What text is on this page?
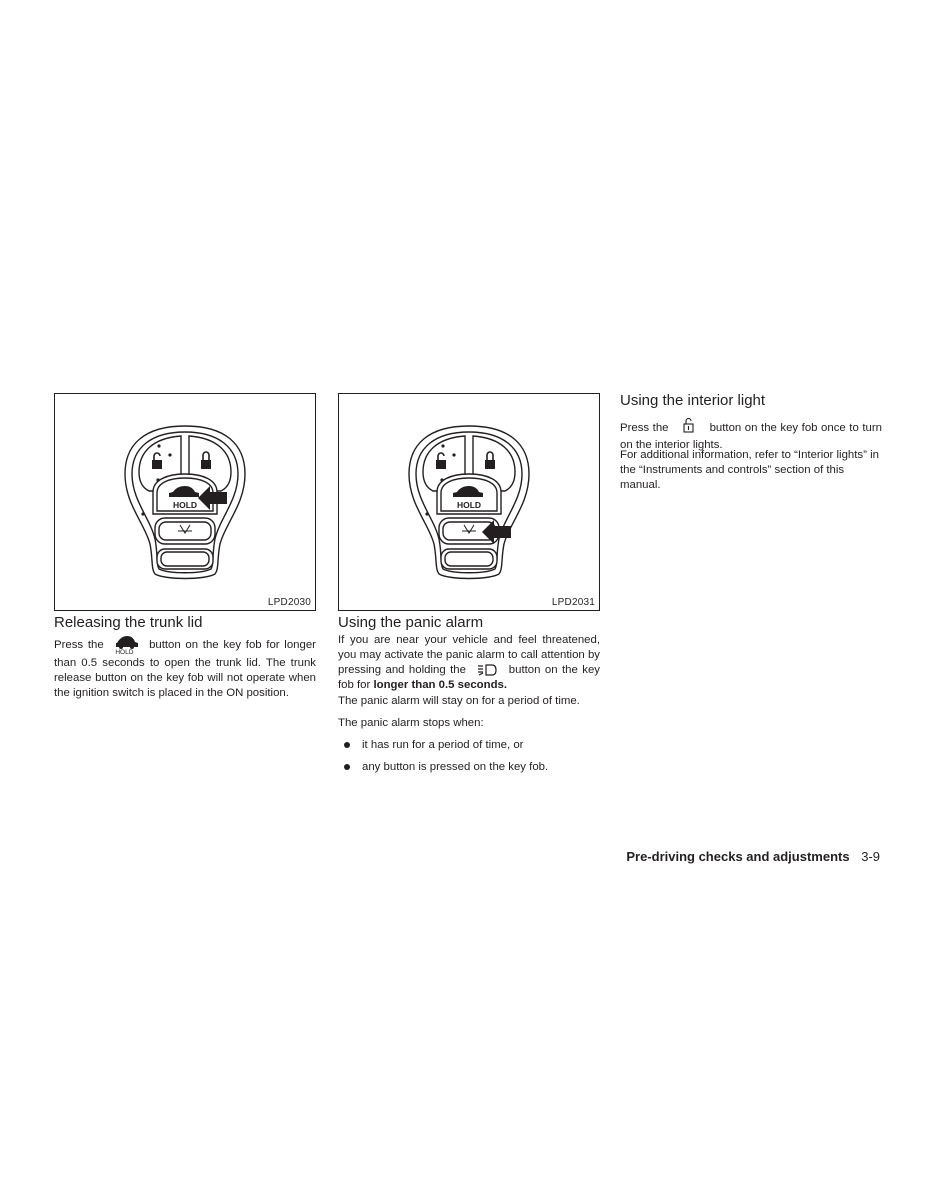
HOLD
LPD2030
HOLD
LPD2031
Releasing the trunk lid

Press the
HOLD
button on the key fob for longer than 0.5 seconds to open the trunk lid. The trunk release button on the key fob will not operate when the ignition switch is placed in the ON position.

Using the panic alarm

If you are near your vehicle and feel threatened, you may activate the panic alarm to call attention by pressing and holding the	button on the key fob for longer than 0.5 seconds.

The panic alarm will stay on for a period of time.

The panic alarm stops when:

it has run for a period of time, or
any button is pressed on the key fob.
Using the interior light

Press the	button on the key fob once to turn on the interior lights.

For additional information, refer to “Interior lights” in the “Instruments and controls” section of this manual.

Pre-driving checks and adjustments 3-9
